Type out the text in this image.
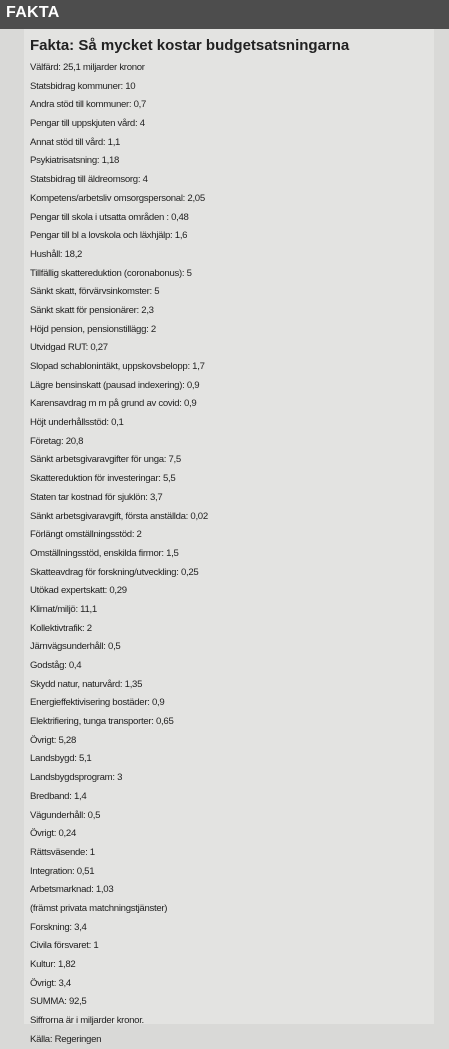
FAKTA
Fakta: Så mycket kostar budgetsatsningarna
Välfärd: 25,1 miljarder kronor
Statsbidrag kommuner: 10
Andra stöd till kommuner: 0,7
Pengar till uppskjuten vård: 4
Annat stöd till vård: 1,1
Psykiatrisatsning: 1,18
Statsbidrag till äldreomsorg: 4
Kompetens/arbetsliv omsorgspersonal: 2,05
Pengar till skola i utsatta områden : 0,48
Pengar till bl a lovskola och läxhjälp: 1,6
Hushåll: 18,2
Tillfällig skattereduktion (coronabonus): 5
Sänkt skatt, förvärvsinkomster: 5
Sänkt skatt för pensionärer: 2,3
Höjd pension, pensionstillägg: 2
Utvidgad RUT: 0,27
Slopad schablonintäkt, uppskovsbelopp: 1,7
Lägre bensinskatt (pausad indexering): 0,9
Karensavdrag m m på grund av covid: 0,9
Höjt underhållsstöd: 0,1
Företag: 20,8
Sänkt arbetsgivaravgifter för unga: 7,5
Skattereduktion för investeringar: 5,5
Staten tar kostnad för sjuklön: 3,7
Sänkt arbetsgivaravgift, första anställda: 0,02
Förlängt omställningsstöd: 2
Omställningsstöd, enskilda firmor: 1,5
Skatteavdrag för forskning/utveckling: 0,25
Utökad expertskatt: 0,29
Klimat/miljö: 11,1
Kollektivtrafik: 2
Järnvägsunderhåll: 0,5
Godståg: 0,4
Skydd natur, naturvård: 1,35
Energieffektivisering bostäder: 0,9
Elektrifiering, tunga transporter: 0,65
Övrigt: 5,28
Landsbygd: 5,1
Landsbygdsprogram: 3
Bredband: 1,4
Vägunderhåll: 0,5
Övrigt: 0,24
Rättsväsende: 1
Integration: 0,51
Arbetsmarknad: 1,03
(främst privata matchningstjänster)
Forskning: 3,4
Civila försvaret: 1
Kultur: 1,82
Övrigt: 3,4
SUMMA: 92,5
Siffrorna är i miljarder kronor.
Källa: Regeringen
